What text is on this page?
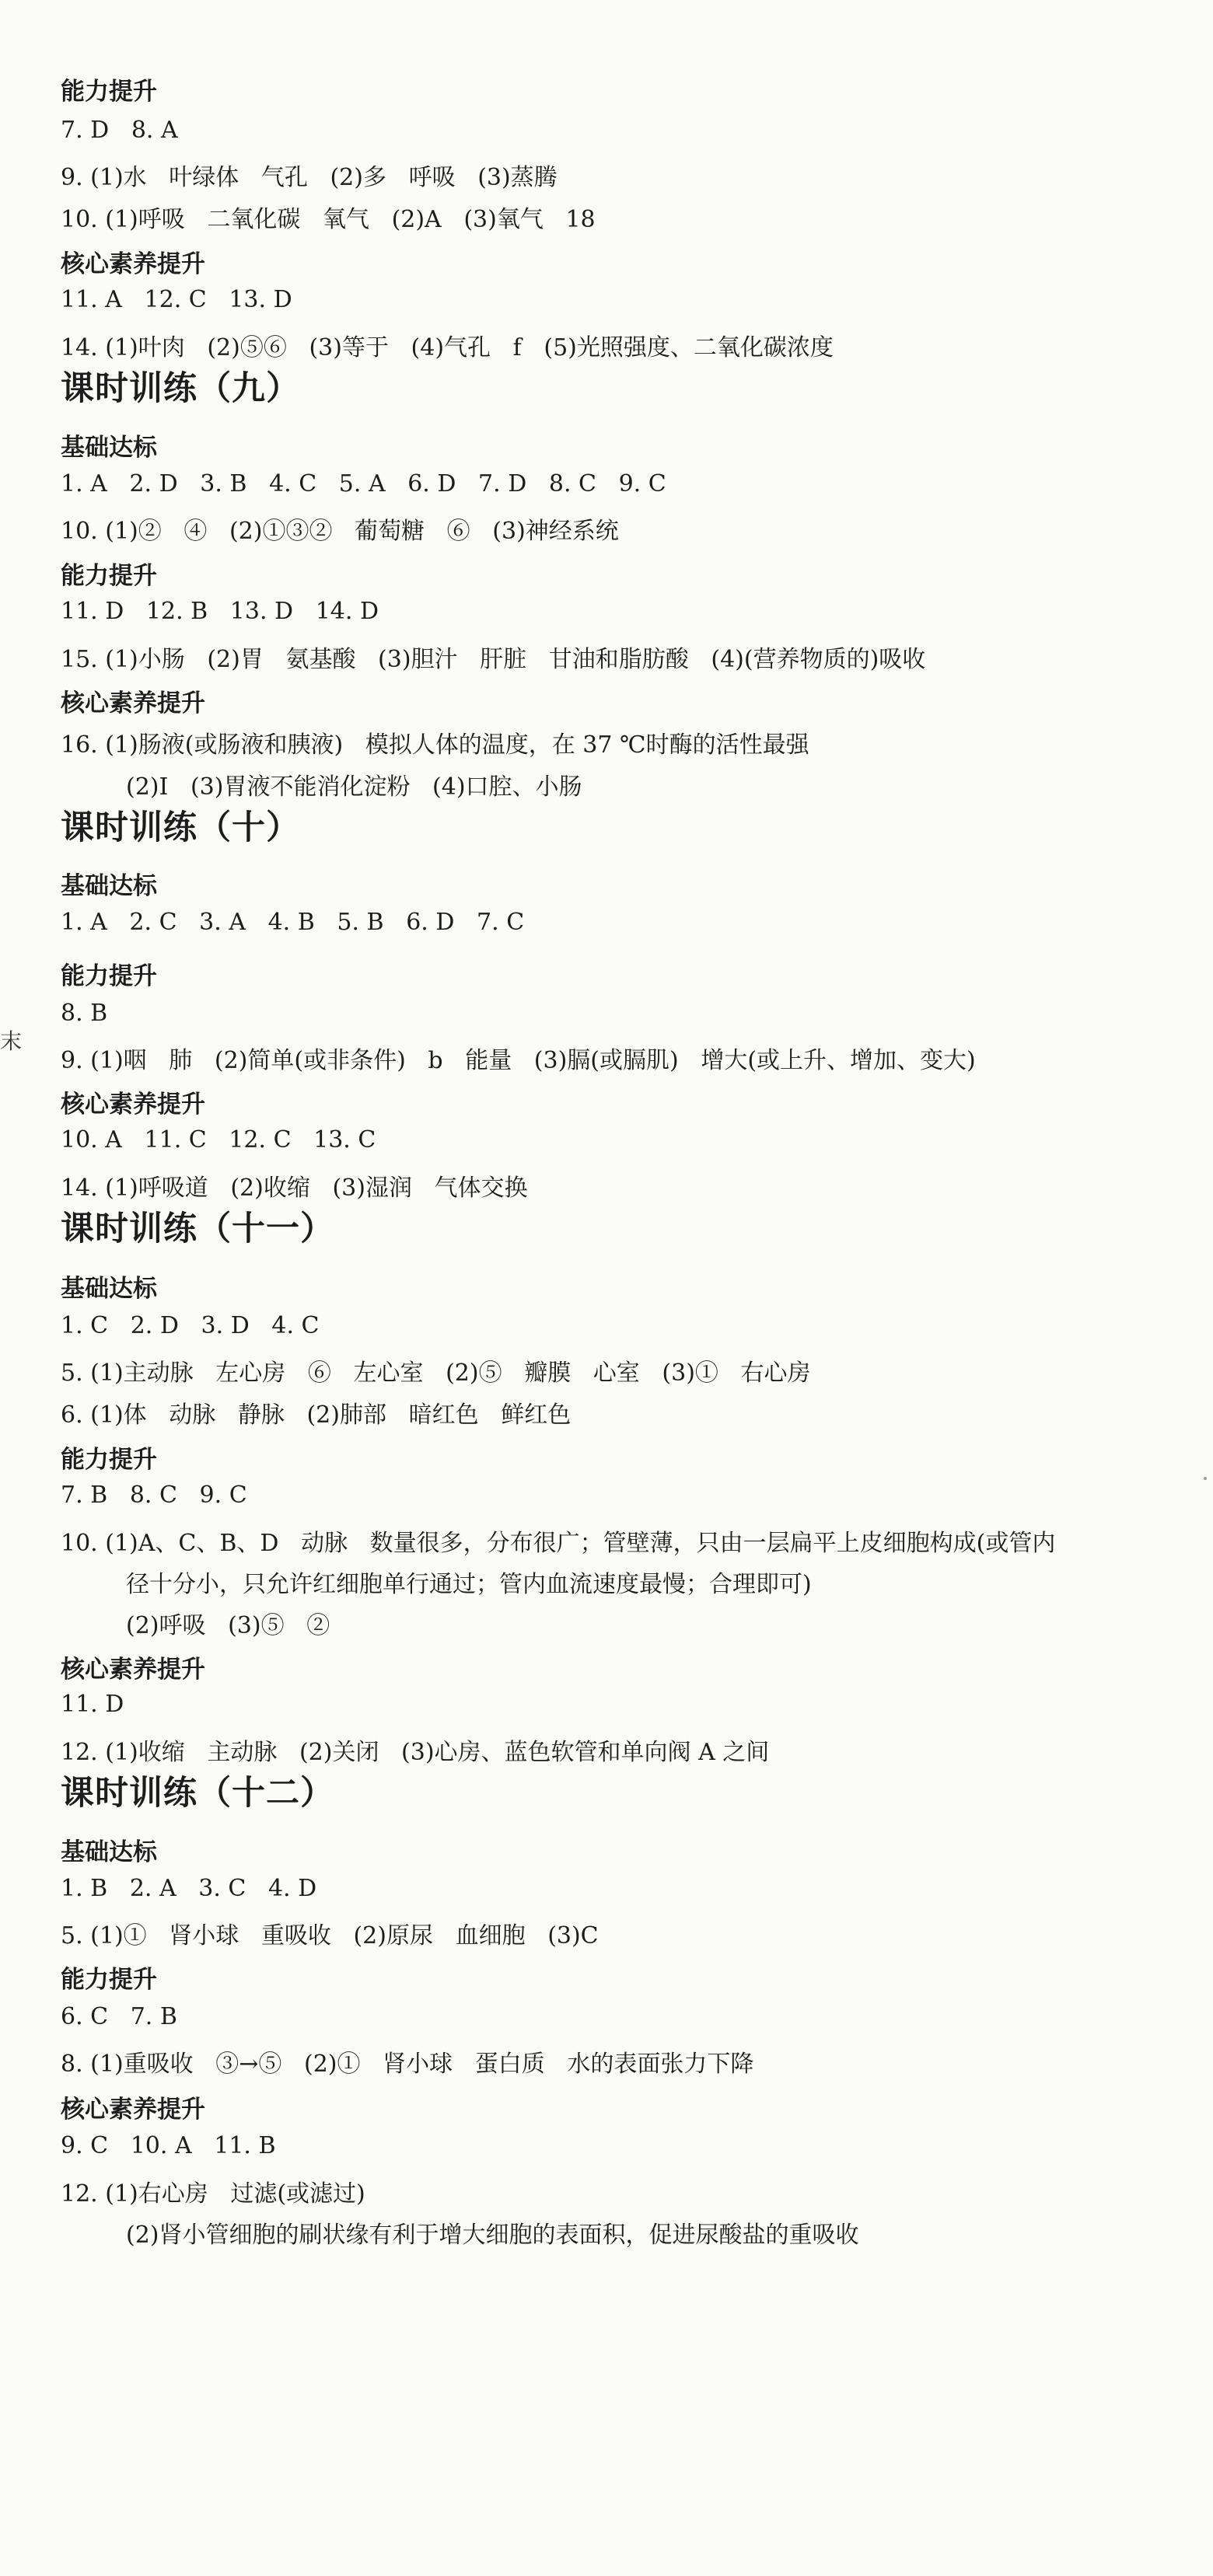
末
能力提升
7. D   8. A
9. (1)水   叶绿体   气孔   (2)多   呼吸   (3)蒸腾
10. (1)呼吸   二氧化碳   氧气   (2)A   (3)氧气   18
核心素养提升
11. A   12. C   13. D
14. (1)叶肉   (2)⑤⑥   (3)等于   (4)气孔   f   (5)光照强度、二氧化碳浓度
课时训练（九）
基础达标
1. A   2. D   3. B   4. C   5. A   6. D   7. D   8. C   9. C
10. (1)②   ④   (2)①③②   葡萄糖   ⑥   (3)神经系统
能力提升
11. D   12. B   13. D   14. D
15. (1)小肠   (2)胃   氨基酸   (3)胆汁   肝脏   甘油和脂肪酸   (4)(营养物质的)吸收
核心素养提升
16. (1)肠液(或肠液和胰液)   模拟人体的温度，在 37 ℃时酶的活性最强
(2)Ⅰ   (3)胃液不能消化淀粉   (4)口腔、小肠
课时训练（十）
基础达标
1. A   2. C   3. A   4. B   5. B   6. D   7. C
能力提升
8. B
9. (1)咽   肺   (2)简单(或非条件)   b   能量   (3)膈(或膈肌)   增大(或上升、增加、变大)
核心素养提升
10. A   11. C   12. C   13. C
14. (1)呼吸道   (2)收缩   (3)湿润   气体交换
课时训练（十一）
基础达标
1. C   2. D   3. D   4. C
5. (1)主动脉   左心房   ⑥   左心室   (2)⑤   瓣膜   心室   (3)①   右心房
6. (1)体   动脉   静脉   (2)肺部   暗红色   鲜红色
能力提升
7. B   8. C   9. C
10. (1)A、C、B、D   动脉   数量很多，分布很广；管壁薄，只由一层扁平上皮细胞构成(或管内
径十分小，只允许红细胞单行通过；管内血流速度最慢；合理即可)
(2)呼吸   (3)⑤   ②
核心素养提升
11. D
12. (1)收缩   主动脉   (2)关闭   (3)心房、蓝色软管和单向阀 A 之间
课时训练（十二）
基础达标
1. B   2. A   3. C   4. D
5. (1)①   肾小球   重吸收   (2)原尿   血细胞   (3)C
能力提升
6. C   7. B
8. (1)重吸收   ③→⑤   (2)①   肾小球   蛋白质   水的表面张力下降
核心素养提升
9. C   10. A   11. B
12. (1)右心房   过滤(或滤过)
(2)肾小管细胞的刷状缘有利于增大细胞的表面积，促进尿酸盐的重吸收
